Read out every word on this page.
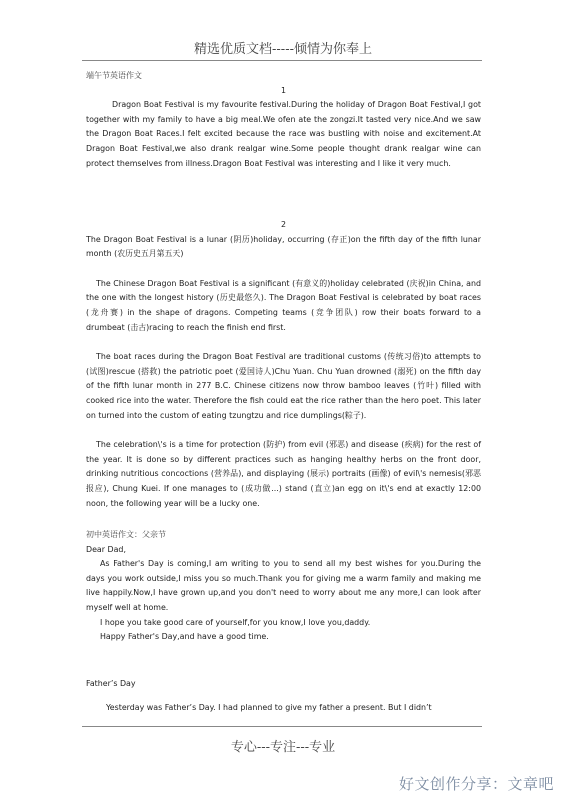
精选优质文档-----倾情为你奉上

端午节英语作文

1

Dragon Boat Festival is my favourite festival.During the holiday of Dragon Boat Festival,I got together with my family to have a big meal.We ofen ate the zongzi.It tasted very nice.And we saw the Dragon Boat Races.I felt excited because the race was bustling with noise and excitement.At Dragon Boat Festival,we also drank realgar wine.Some people thought drank realgar wine can protect themselves from illness.Dragon Boat Festival was interesting and I like it very much.

2

The Dragon Boat Festival is a lunar (阴历)holiday, occurring (存正)on the fifth day of the fifth lunar month (农历史五月第五天)

The Chinese Dragon Boat Festival is a significant (有意义的)holiday celebrated (庆祝)in China, and the one with the longest history (历史最悠久). The Dragon Boat Festival is celebrated by boat races (龙舟赛) in the shape of dragons. Competing teams (竞争团队) row their boats forward to a drumbeat (击古)racing to reach the finish end first.

The boat races during the Dragon Boat Festival are traditional customs (传统习俗)to attempts to (试图)rescue (搭救) the patriotic poet (爱国诗人)Chu Yuan. Chu Yuan drowned (溺死) on the fifth day of the fifth lunar month in 277 B.C. Chinese citizens now throw bamboo leaves (竹叶) filled with cooked rice into the water. Therefore the fish could eat the rice rather than the hero poet. This later on turned into the custom of eating tzungtzu and rice dumplings(粽子).

The celebration\'s is a time for protection (防护) from evil (邪恶) and disease (疾病) for the rest of the year. It is done so by different practices such as hanging healthy herbs on the front door, drinking nutritious concoctions (营养品), and displaying (展示) portraits (画像) of evil\'s nemesis(邪恶报应), Chung Kuei. If one manages to (成功做...) stand (直立)an egg on it\'s end at exactly 12:00 noon, the following year will be a lucky one.

初中英语作文：父亲节

Dear Dad,

As Father's Day is coming,I am writing to you to send all my best wishes for you.During the days you work outside,I miss you so much.Thank you for giving me a warm family and making me live happily.Now,I have grown up,and you don't need to worry about me any more,I can look after myself well at home.

I hope you take good care of yourself,for you know,I love you,daddy.

Happy Father's Day,and have a good time.

Father’s Day

Yesterday was Father’s Day. I had planned to give my father a present. But I didn’t

专心---专注---专业
好文创作分享：文章吧
